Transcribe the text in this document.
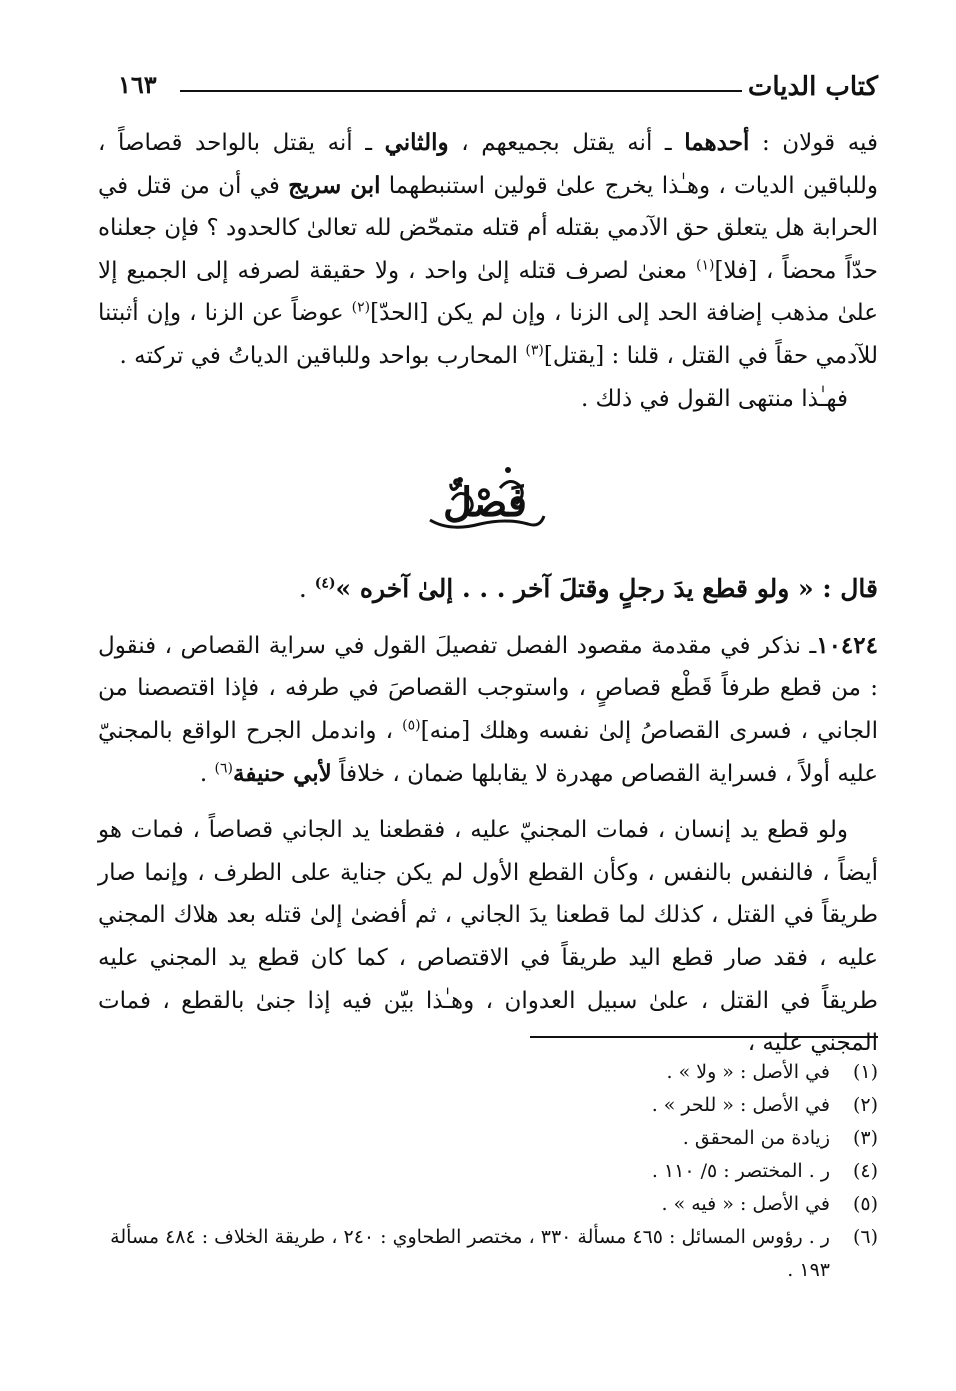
كتاب الديات
١٦٣

فيه قولان : أحدهما ـ أنه يقتل بجميعهم ، والثاني ـ أنه يقتل بالواحد قصاصاً ، وللباقين الديات ، وهـٰذا يخرج علىٰ قولين استنبطهما ابن سريج في أن من قتل في الحرابة هل يتعلق حق الآدمي بقتله أم قتله متمحّض لله تعالىٰ كالحدود ؟ فإن جعلناه حدّاً محضاً ، [فلا]$^{(١)}$ معنىٰ لصرف قتله إلىٰ واحد ، ولا حقيقة لصرفه إلى الجميع إلا علىٰ مذهب إضافة الحد إلى الزنا ، وإن لم يكن [الحدّ]$^{(٢)}$ عوضاً عن الزنا ، وإن أثبتنا للآدمي حقاً في القتل ، قلنا : [يقتل]$^{(٣)}$ المحارب بواحد وللباقين الدياتُ في تركته .

فهـٰذا منتهى القول في ذلك .

قال : « ولو قطع يدَ رجلٍ وقتلَ آخر . . . إلىٰ آخره »$^{(٤)}$ .

١٠٤٢٤ـ نذكر في مقدمة مقصود الفصل تفصيلَ القول في سراية القصاص ، فنقول : من قطع طرفاً قَطْع قصاصٍ ، واستوجب القصاصَ في طرفه ، فإذا اقتصصنا من الجاني ، فسرى القصاصُ إلىٰ نفسه وهلك [منه]$^{(٥)}$ ، واندمل الجرح الواقع بالمجنيّ عليه أولاً ، فسراية القصاص مهدرة لا يقابلها ضمان ، خلافاً لأبي حنيفة$^{(٦)}$ .

ولو قطع يد إنسان ، فمات المجنيّ عليه ، فقطعنا يد الجاني قصاصاً ، فمات هو أيضاً ، فالنفس بالنفس ، وكأن القطع الأول لم يكن جناية على الطرف ، وإنما صار طريقاً في القتل ، كذلك لما قطعنا يدَ الجاني ، ثم أفضىٰ إلىٰ قتله بعد هلاك المجني عليه ، فقد صار قطع اليد طريقاً في الاقتصاص ، كما كان قطع يد المجني عليه طريقاً في القتل ، علىٰ سبيل العدوان ، وهـٰذا بيّن فيه إذا جنىٰ بالقطع ، فمات المجني عليه ،

فَصْلٌ
(١)
في الأصل : « ولا » .
(٢)
في الأصل : « للحر » .
(٣)
زيادة من المحقق .
(٤)
ر . المختصر : ٥/ ١١٠ .
(٥)
في الأصل : « فيه » .
(٦)
ر . رؤوس المسائل : ٤٦٥ مسألة ٣٣٠ ، مختصر الطحاوي : ٢٤٠ ، طريقة الخلاف : ٤٨٤ مسألة ١٩٣ .
